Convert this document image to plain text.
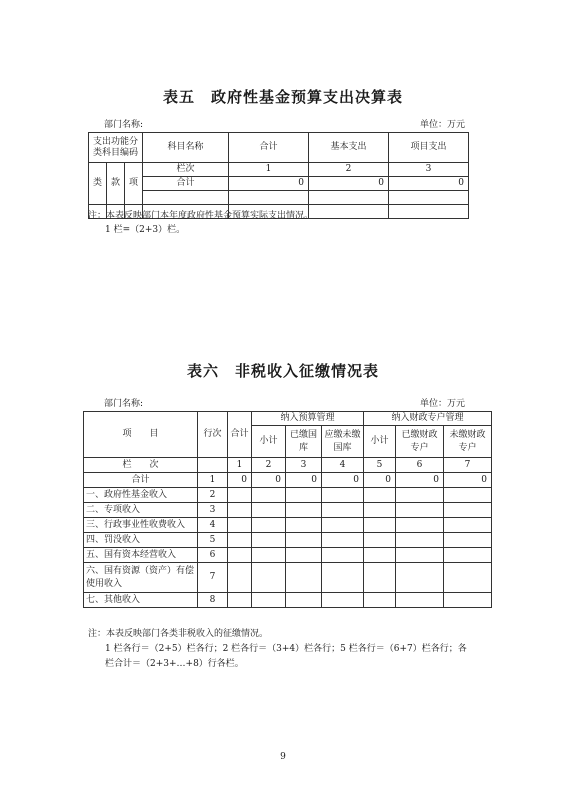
表五　政府性基金预算支出决算表
部门名称:	单位：万元
支出功能分类科目编码			科目名称	合计	基本支出	项目支出

类	款	项	栏次	1	2	3
			合计	0	0	0

注：本表反映部门本年度政府性基金预算实际支出情况。
1 栏=（2+3）栏。
表六　非税收入征缴情况表
部门名称:	单位：万元
项　　目	行次	合计	纳入预算管理			纳入财政专户管理		
			小计	已缴国库	应缴未缴国库	小计	已缴财政专户	未缴财政专户

栏　　次		1	2	3	4	5	6	7
合计	1	0	0	0	0	0	0	0
一、政府性基金收入	2							
二、专项收入	3							
三、行政事业性收费收入	4							
四、罚没收入	5							
五、国有资本经营收入	6							
六、国有资源（资产）有偿使用收入	7							
七、其他收入	8							
注：本表反映部门各类非税收入的征缴情况。
1 栏各行＝（2+5）栏各行；2 栏各行＝（3+4）栏各行；5 栏各行＝（6+7）栏各行；各
栏合计＝（2+3+…+8）行各栏。
9
